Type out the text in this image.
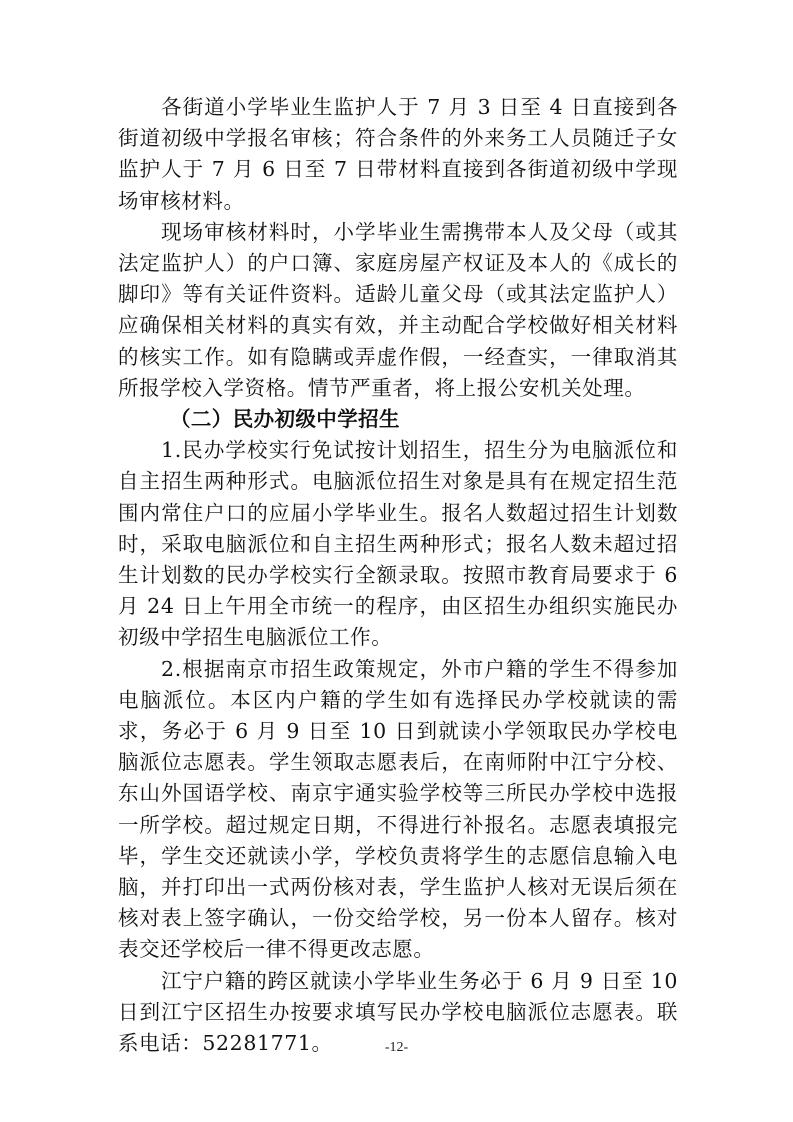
各街道小学毕业生监护人于 7 月 3 日至 4 日直接到各街道初级中学报名审核；符合条件的外来务工人员随迁子女监护人于 7 月 6 日至 7 日带材料直接到各街道初级中学现场审核材料。

现场审核材料时，小学毕业生需携带本人及父母（或其法定监护人）的户口簿、家庭房屋产权证及本人的《成长的脚印》等有关证件资料。适龄儿童父母（或其法定监护人）应确保相关材料的真实有效，并主动配合学校做好相关材料的核实工作。如有隐瞒或弄虚作假，一经查实，一律取消其所报学校入学资格。情节严重者，将上报公安机关处理。

（二）民办初级中学招生

1.民办学校实行免试按计划招生，招生分为电脑派位和自主招生两种形式。电脑派位招生对象是具有在规定招生范围内常住户口的应届小学毕业生。报名人数超过招生计划数时，采取电脑派位和自主招生两种形式；报名人数未超过招生计划数的民办学校实行全额录取。按照市教育局要求于 6 月 24 日上午用全市统一的程序，由区招生办组织实施民办初级中学招生电脑派位工作。

2.根据南京市招生政策规定，外市户籍的学生不得参加电脑派位。本区内户籍的学生如有选择民办学校就读的需求，务必于 6 月 9 日至 10 日到就读小学领取民办学校电脑派位志愿表。学生领取志愿表后，在南师附中江宁分校、东山外国语学校、南京宇通实验学校等三所民办学校中选报一所学校。超过规定日期，不得进行补报名。志愿表填报完毕，学生交还就读小学，学校负责将学生的志愿信息输入电脑，并打印出一式两份核对表，学生监护人核对无误后须在核对表上签字确认，一份交给学校，另一份本人留存。核对表交还学校后一律不得更改志愿。

江宁户籍的跨区就读小学毕业生务必于 6 月 9 日至 10 日到江宁区招生办按要求填写民办学校电脑派位志愿表。联系电话：52281771。	-12-
